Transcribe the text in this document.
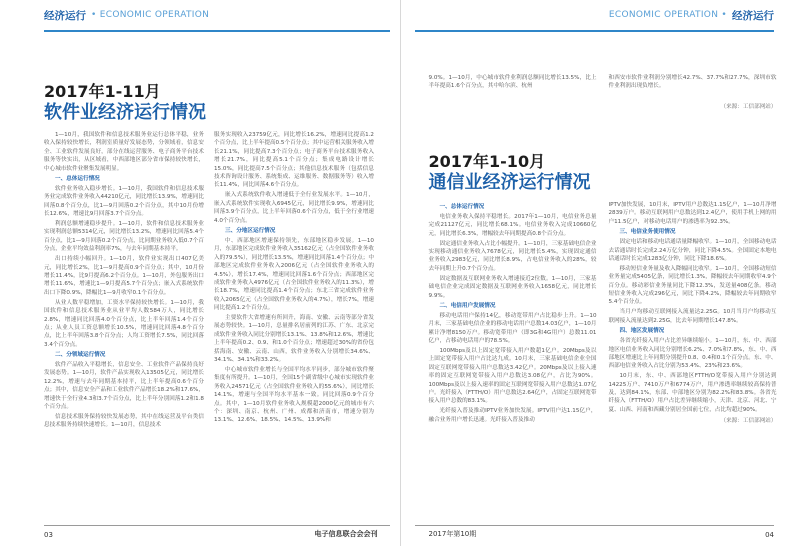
经济运行 • ECONOMIC OPERATION
2017年1-11月
软件业经济运行情况

1—10月，我国软件和信息技术服务业运行总体平稳，业务收入保持较快增长，利润室质量好发展态势，分领域看，信息安全、工业软件发展良好，部分在线运营服务、电子商务平台技术服务等快实出，从区域看，中西部地区部分省市保持较快增长，中心城市软件业聚集发展明显。

一、总体运行情况

软件业务收入稳步增长。1—10月，我国软件和信息技术服务业完成软件业务收入44210亿元，同比增长13.9%，增速同比回落0.8个百分点，比1—9月回落0.2个百分点，其中10月份增长12.6%，增速比9月回落3.7个百分点。

利润总额增速稳步提升。1—10月，软件和信息技术服务业实现利润总额5314亿元，同比增长13.2%，增速同比回落5.4个百分点，比1—9月回落0.2个百分点，比同期业务收入低0.7个百分点，企业平均效益利润率7%，与去年同期基本持平。

出口持续小幅回升。1—10月，软件业实现出口407亿美元，同比增长2%，比1—9月提高0.9个百分点；其中，10月份增长11.4%，比9月提高6.2个百分点。1—10月，外包服务出口增长11.6%，增速比1—9月提高5.7个百分点；嵌入式系统软件出口下降0.9%，降幅比1—9月收窄0.1个百分点。

从业人数平稳增加，工资水平保持较快增长。1—10月，我国软件和信息技术服务业从业平均人数584万人，同比增长2.8%，增速同比回落4.0个百分点，比上半年回落1.4个百分点；从业人员工资总额增长10.5%，增速同比回落4.8个百分点，比上半年回落3.8个百分点；人均工资增长7.5%，同比回落3.4个百分点。

二、分领域运行情况

软件产品收入平稳增长，信息安全、工业软件产品保持良好发展态势。1—10月，软件产品实现收入13505亿元，同比增长12.2%，增速与去年同期基本持平，比上半年提高0.6个百分点；其中，信息安全产品和工业软件产品增长18.2%和17.6%，增速快于全行业4.3和3.7个百分点，比上半年分别回落1.2和1.8个百分点。

信息技术服务保持较快发展态势，其中在线运营及平台类信息技术服务持续快速增长。1—10月，信息技术

服务实现收入23759亿元，同比增长16.2%，增速同比提高1.2个百分点，比上半年提高0.5个百分点；其中运营相关服务收入增长21.1%，同比提高7.3个百分点；电子商务平台技术服务收入增长21.7%，同比提高5.1个百分点；集成电路设计增长15.0%，同比提高7.5个百分点；其他信息技术服务（包括信息技术咨询设计服务、系统集成、运维服务、数据服务等）收入增长11.4%，同比回落4.6个百分点。

嵌入式系统软件收入增速低于全行业发展水平。1—10月，嵌入式系统软件实现收入6945亿元，同比增长9.9%，增速同比回落3.9个百分点，比上半年回落0.6个百分点，低于全行业增速4.0个百分点。

三、分地区运行情况

中、西部地区增速保持领先，东部地区稳步发展。1—10月，东部地区完成软件业务收入35162亿元（占全国软件业务收入的79.5%），同比增长13.5%，增速同比回落1.4个百分点；中部地区完成软件业务收入2006亿元（占全国软件业务收入的4.5%），增长17.4%，增速同比回落1.6个百分点；西部地区完成软件业务收入4976亿元（占全国软件业务收入的11.3%），增长18.7%，增速同比提高1.4个百分点；东北三省完成软件业务收入2065亿元（占全国软件业务收入的4.7%），增长7%，增速同比提高1.2个百分点。

主要软件大省增速有所回升，海南、安徽、云南等部分省发展态势较快。1—10月，总量排名居前列的江苏、广东、北京完成软件业务收入同比分别增长13.1%、13.8%和12.6%，增速比上半年提高0.2、0.9、和1.0个百分点；增速超过30%的省份包括海南、安徽、云南、山西，软件业务收入分别增长34.6%、34.1%、34.1%和33.2%。

中心城市软件业增长与全国平均水平同步，部分城市软件聚集度有所提升。1—10月，全国15个副省级中心城市实现软件业务收入24571亿元（占全国软件业务收入的55.6%），同比增长14.1%，增速与全国平均水平基本一致。同比回落0.9个百分点。其中，1—10月软件业务收入规模超2000亿元的城市有六个：深圳、南京、杭州、广州、成都和济南市，增速分别为13.1%、12.6%、18.5%、14.5%、13.9%和

03	电子信息联合会会刊
ECONOMIC OPERATION • 经济运行

9.0%。1—10月，中心城市软件业利润总额同比增长13.5%，比上半年提高1.6个百分点，其中哈尔滨、杭州

和西安市软件业利润分别增长42.7%、37.7%和27.7%，深圳市软件业利润出现负增长。

（来源：工信部网站）

2017年1-10月
通信业经济运行情况

一、总体运行情况

电信业务收入保持平稳增长。2017年1—10月，电信业务总量完成21127亿元，同比增长68.1%。电信业务收入完成10660亿元，同比增长6.3%，增幅较去年同期提高0.8个百分点。

固定通信业务收入占比小幅提升。1—10月，三家基础电信企业实现移动通信业务收入7678亿元，同比增长5.4%，实现固定通信业务收入2983亿元，同比增长8.9%，占电信业务收入的28%，较去年同期上升0.7个百分点。

固定数据及互联网业务收入增速接近2位数。1—10月，三家基础电信企业完成固定数据及互联网业务收入1658亿元，同比增长9.9%。

二、电信用户发展情况

移动电话用户保持14亿，移动宽带用户占比稳步上升。1—10月末，三家基础电信企业的移动电话用户总数14.03亿户，1—10月累计净增8150万户。移动宽带用户（即3G和4G用户）总数11.01亿户，占移动电话用户的78.5%。

100Mbps及以上固定宽带接入用户数超1亿户。20Mbps及以上固定宽带接入用户占比达九成。10月末，三家基础电信企业全国固定互联网宽带接入用户总数达3.42亿户。20Mbps及以上接入速率的固定互联网宽带接入用户总数达3.08亿户，占比为90%。100Mbps及以上接入速率的固定互联网宽带接入用户总数达1.07亿户。光纤接入（FTTH/O）用户总数达2.64亿户，占固定互联网宽带接入用户总数的83.1%。

光纤接入普及推动IPTV业务加快发展。IPTV用户达1.15亿户，融合业务用户增长迅速。光纤接入普及推动

IPTV加快发展，10月末，IPTV用户总数达1.15亿户，1—10月净增2839万户。移动互联网用户总数达到12.4亿户，使用手机上网的用户11.5亿户，对移动电话用户的渗透率为92.3%。

三、电信业务使用情况

固定电话和移动电话通话量降幅收窄。1—10月，全国移动电话去话通话时长完成2.24万亿分钟，同比下降4.5%。全国固定本地电话通话时长完成1283亿分钟，同比下降18.6%。

移动短信业务量及收入降幅同比收窄。1—10月，全国移动短信业务量完成5405亿条，同比增长1.3%，降幅较去年同期收窄4.9个百分点。移动彩信业务量同比下降12.3%，发送量408亿条。移动短信业务收入完成296亿元，同比下降4.2%，降幅较去年同期收窄5.4个百分点。

当月户均移动互联网接入流量达2.25G。10月当月户均移动互联网接入流量达到2.25G，比去年同期增长147.8%。

四、地区发展情况

各省光纤接入用户占比差异继续缩小。1—10月，东、中、西部地区电信业务收入同比分别增长6.2%、7.0%和7.8%，东、中、西部地区增速比上年同期分别提升0.8、0.4和0.1个百分点。东、中、西部电信业务收入占比分别为53.4%、23%和23.6%。

10月末，东、中、西部地区FTTH/O宽带接入用户分别达到14225万户、7410万户和6774万户，用户渗透率继续较高保持普及，达到84.1%，东部、中部地区分别为82.2%和83.8%。各省光纤接入（FTTH/O）用户占比差异继续缩小，天津、北京、河北、宁夏、山西、河南和西藏分别居全国前七位，占比均超过90%。

（来源：工信部网站）

2017年第10期	04
